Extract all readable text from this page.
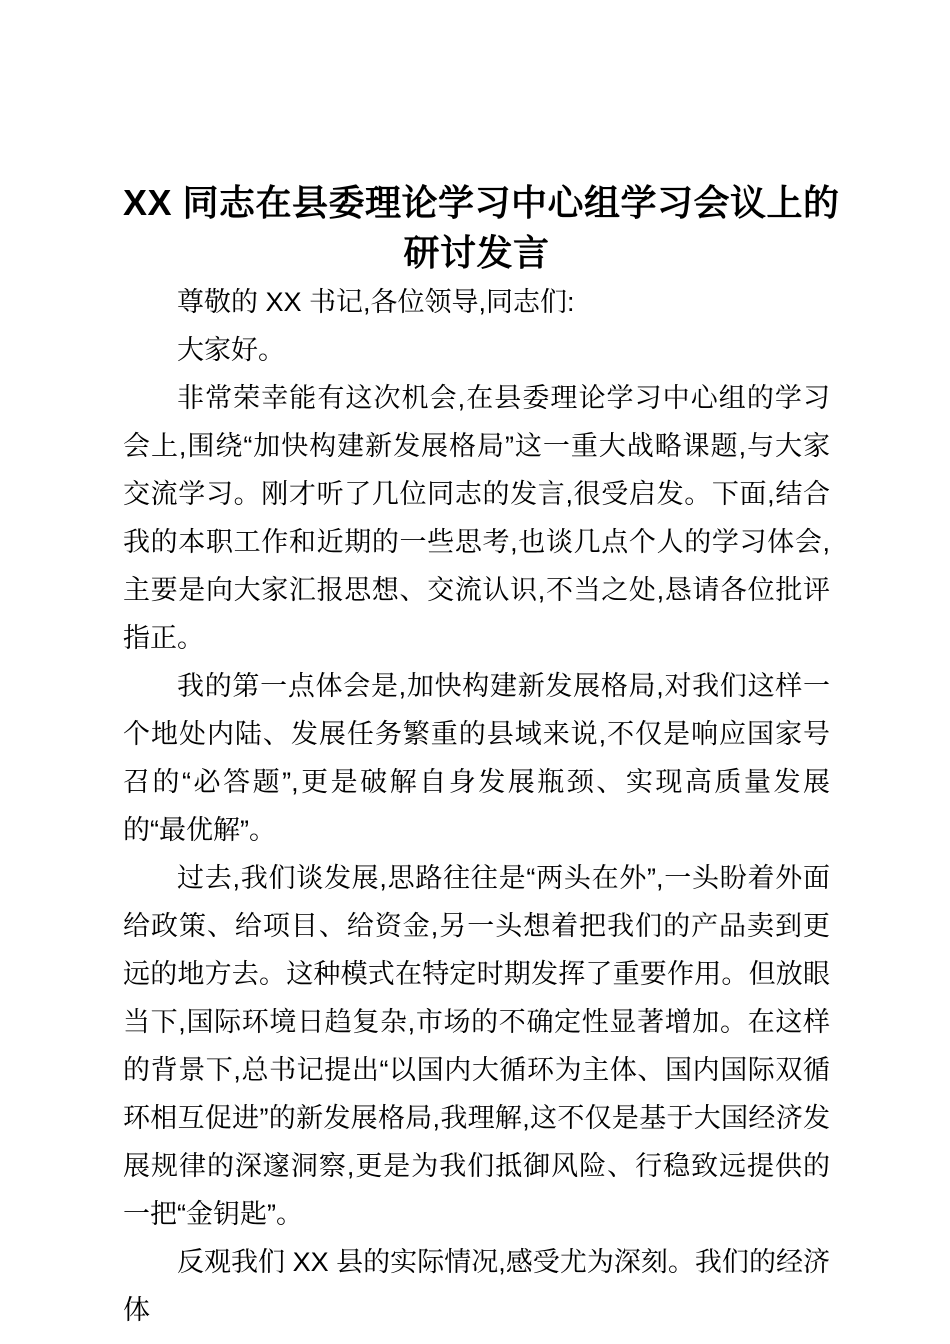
XX 同志在县委理论学习中心组学习会议上的
研讨发言

尊敬的 XX 书记,各位领导,同志们:

大家好。

非常荣幸能有这次机会,在县委理论学习中心组的学习会上,围绕“加快构建新发展格局”这一重大战略课题,与大家交流学习。刚才听了几位同志的发言,很受启发。下面,结合我的本职工作和近期的一些思考,也谈几点个人的学习体会,主要是向大家汇报思想、交流认识,不当之处,恳请各位批评指正。

我的第一点体会是,加快构建新发展格局,对我们这样一个地处内陆、发展任务繁重的县域来说,不仅是响应国家号召的“必答题”,更是破解自身发展瓶颈、实现高质量发展的“最优解”。

过去,我们谈发展,思路往往是“两头在外”,一头盼着外面给政策、给项目、给资金,另一头想着把我们的产品卖到更远的地方去。这种模式在特定时期发挥了重要作用。但放眼当下,国际环境日趋复杂,市场的不确定性显著增加。在这样的背景下,总书记提出“以国内大循环为主体、国内国际双循环相互促进”的新发展格局,我理解,这不仅是基于大国经济发展规律的深邃洞察,更是为我们抵御风险、行稳致远提供的一把“金钥匙”。

反观我们 XX 县的实际情况,感受尤为深刻。我们的经济体
